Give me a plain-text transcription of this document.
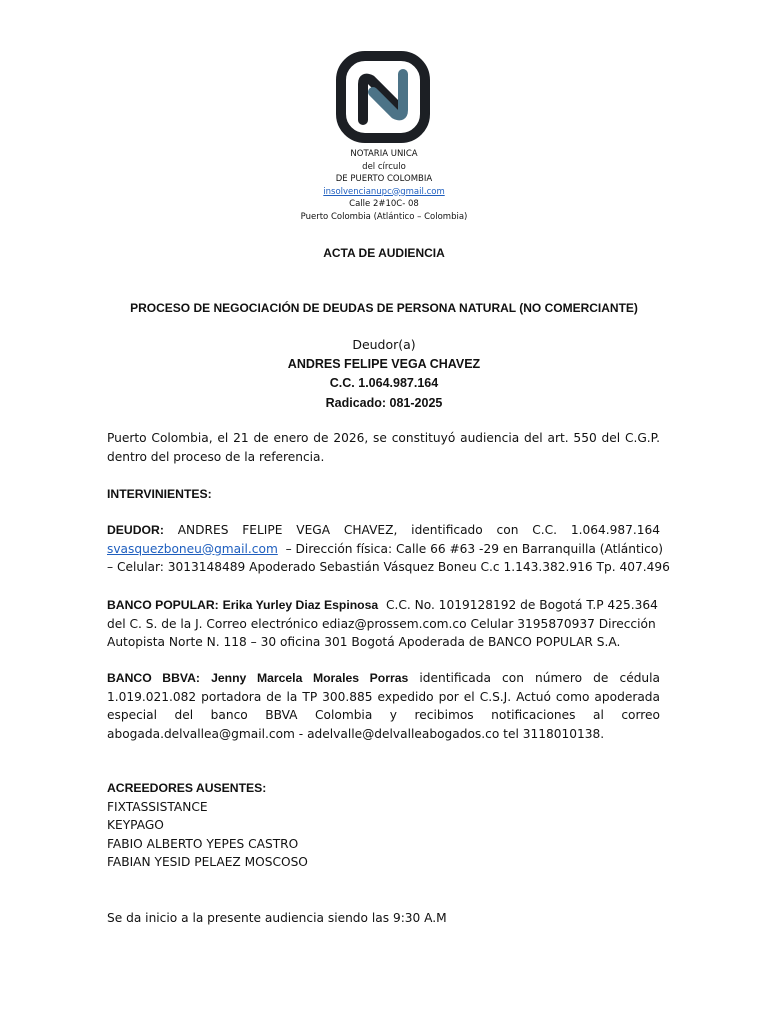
NOTARIA UNICA
del círculo
DE PUERTO COLOMBIA
insolvencianupc@gmail.com
Calle 2#10C- 08
Puerto Colombia (Atlántico – Colombia)
ACTA DE AUDIENCIA
PROCESO DE NEGOCIACIÓN DE DEUDAS DE PERSONA NATURAL (NO COMERCIANTE)
Deudor(a)
ANDRES FELIPE VEGA CHAVEZ
C.C. 1.064.987.164
Radicado: 081-2025
Puerto Colombia, el 21 de enero de 2026, se constituyó audiencia del art. 550 del C.G.P.
dentro del proceso de la referencia.
INTERVINIENTES:
DEUDOR: ANDRES FELIPE VEGA CHAVEZ, identificado con C.C. 1.064.987.164
svasquezboneu@gmail.com – Dirección física: Calle 66 #63 -29 en Barranquilla (Atlántico)
– Celular: 3013148489 Apoderado Sebastián Vásquez Boneu C.c 1.143.382.916 Tp. 407.496
BANCO POPULAR: Erika Yurley Diaz Espinosa C.C. No. 1019128192 de Bogotá T.P 425.364
del C. S. de la J. Correo electrónico ediaz@prossem.com.co Celular 3195870937 Dirección
Autopista Norte N. 118 – 30 oficina 301 Bogotá Apoderada de BANCO POPULAR S.A.
BANCO BBVA: Jenny Marcela Morales Porras identificada con número de cédula
1.019.021.082 portadora de la TP 300.885 expedido por el C.S.J. Actuó como apoderada
especial del banco BBVA Colombia y recibimos notificaciones al correo
abogada.delvallea@gmail.com - adelvalle@delvalleabogados.co tel 3118010138.
ACREEDORES AUSENTES:
FIXTASSISTANCE
KEYPAGO
FABIO ALBERTO YEPES CASTRO
FABIAN YESID PELAEZ MOSCOSO
Se da inicio a la presente audiencia siendo las 9:30 A.M
